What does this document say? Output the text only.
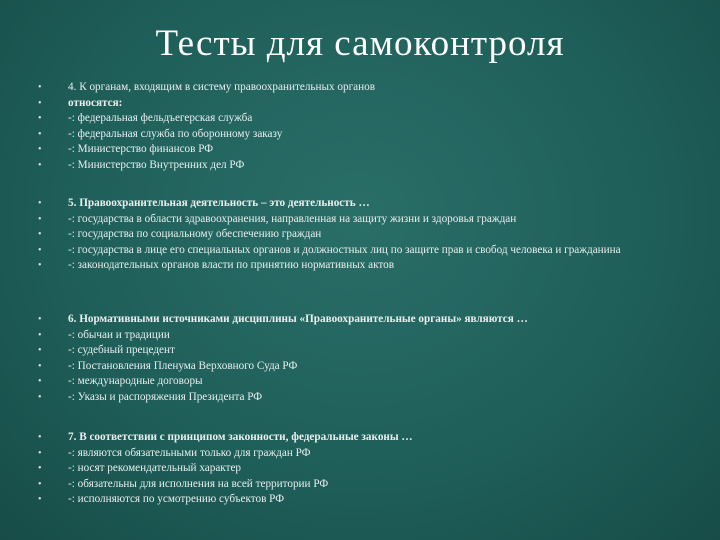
Тесты для самоконтроля
• 4. К органам, входящим в систему правоохранительных органов
• относятся:
• -: федеральная фельдъегерская служба
• -: федеральная служба по оборонному заказу
• -: Министерство финансов РФ
• -: Министерство Внутренних дел РФ
• 5. Правоохранительная деятельность – это деятельность …
• -: государства в области здравоохранения, направленная на защиту жизни и здоровья граждан
• -: государства по социальному обеспечению граждан
• -: государства в лице его специальных органов и должностных лиц по защите прав и свобод человека и гражданина
• -: законодательных органов власти по принятию нормативных актов
• 6. Нормативными источниками дисциплины «Правоохранительные органы» являются …
• -: обычаи и традиции
• -: судебный прецедент
• -: Постановления Пленума Верховного Суда РФ
• -: международные договоры
• -: Указы и распоряжения Президента РФ
• 7. В соответствии с принципом законности, федеральные законы …
• -: являются обязательными только для граждан РФ
• -: носят рекомендательный характер
• -: обязательны для исполнения на всей территории РФ
• -: исполняются по усмотрению субъектов РФ
